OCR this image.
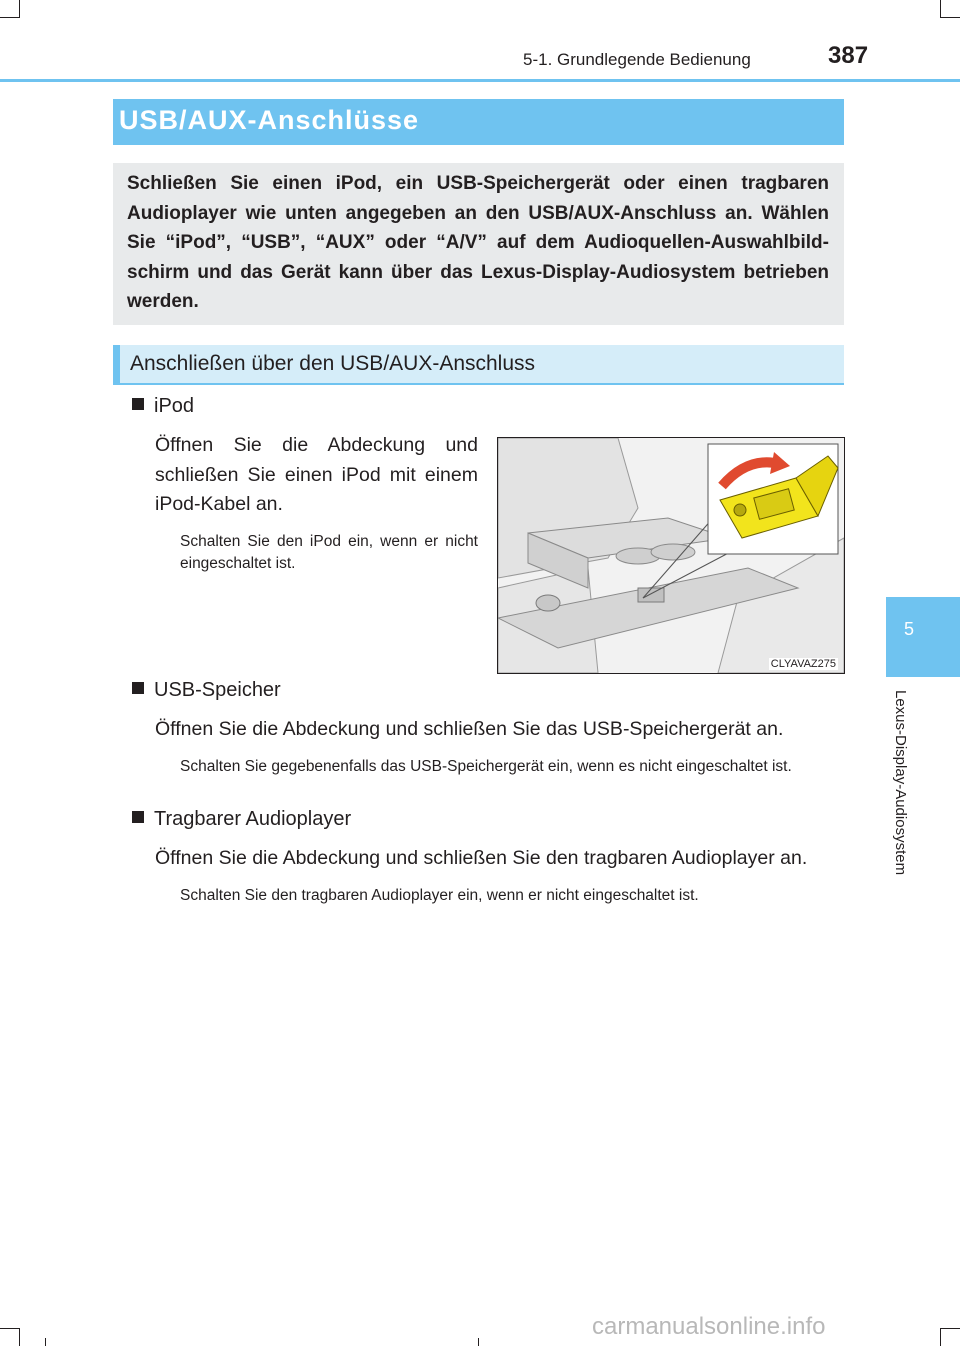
5-1. Grundlegende Bedienung	387
5
Lexus-Display-Audiosystem
USB/AUX-Anschlüsse
Schließen Sie einen iPod, ein USB-Speichergerät oder einen tragbaren Audioplayer wie unten angegeben an den USB/AUX-Anschluss an. Wählen Sie “iPod”, “USB”, “AUX” oder “A/V” auf dem Audioquellen-Auswahlbild-schirm und das Gerät kann über das Lexus-Display-Audiosystem betrieben werden.
Anschließen über den USB/AUX-Anschluss
iPod
Öffnen Sie die Abdeckung und schließen Sie einen iPod mit einem iPod-Kabel an.
Schalten Sie den iPod ein, wenn er nicht eingeschaltet ist.
CLYAVAZ275
USB-Speicher
Öffnen Sie die Abdeckung und schließen Sie das USB-Speichergerät an.
Schalten Sie gegebenenfalls das USB-Speichergerät ein, wenn es nicht eingeschaltet ist.
Tragbarer Audioplayer
Öffnen Sie die Abdeckung und schließen Sie den tragbaren Audioplayer an.
Schalten Sie den tragbaren Audioplayer ein, wenn er nicht eingeschaltet ist.
carmanualsonline.info
